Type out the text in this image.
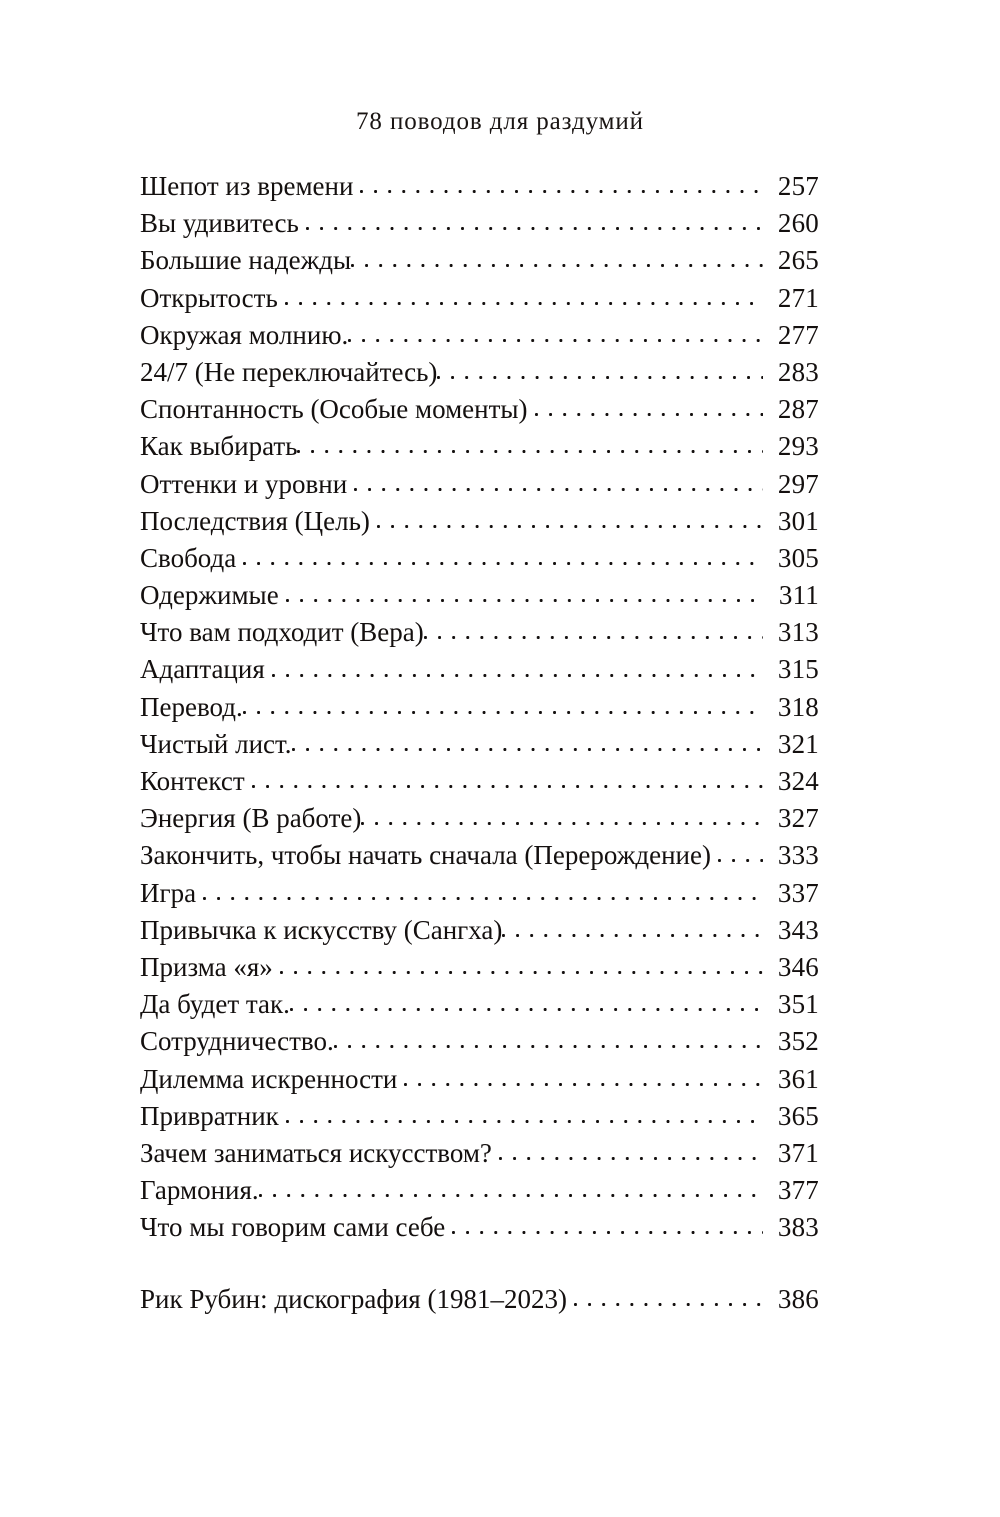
78 поводов для раздумий
Шепот из времени	257
Вы удивитесь	260
Большие надежды	265
Открытость	271
Окружая молнию.	277
24/7 (Не переключайтесь)	283
Спонтанность (Особые моменты)	287
Как выбирать	293
Оттенки и уровни	297
Последствия (Цель)	301
Свобода	305
Одержимые	311
Что вам подходит (Вера)	313
Адаптация	315
Перевод.	318
Чистый лист.	321
Контекст	324
Энергия (В работе)	327
Закончить, чтобы начать сначала (Перерождение)	333
Игра	337
Привычка к искусству (Сангха)	343
Призма «я»	346
Да будет так.	351
Сотрудничество.	352
Дилемма искренности	361
Привратник	365
Зачем заниматься искусством?	371
Гармония.	377
Что мы говорим сами себе	383
Рик Рубин: дискография (1981–2023)	386
